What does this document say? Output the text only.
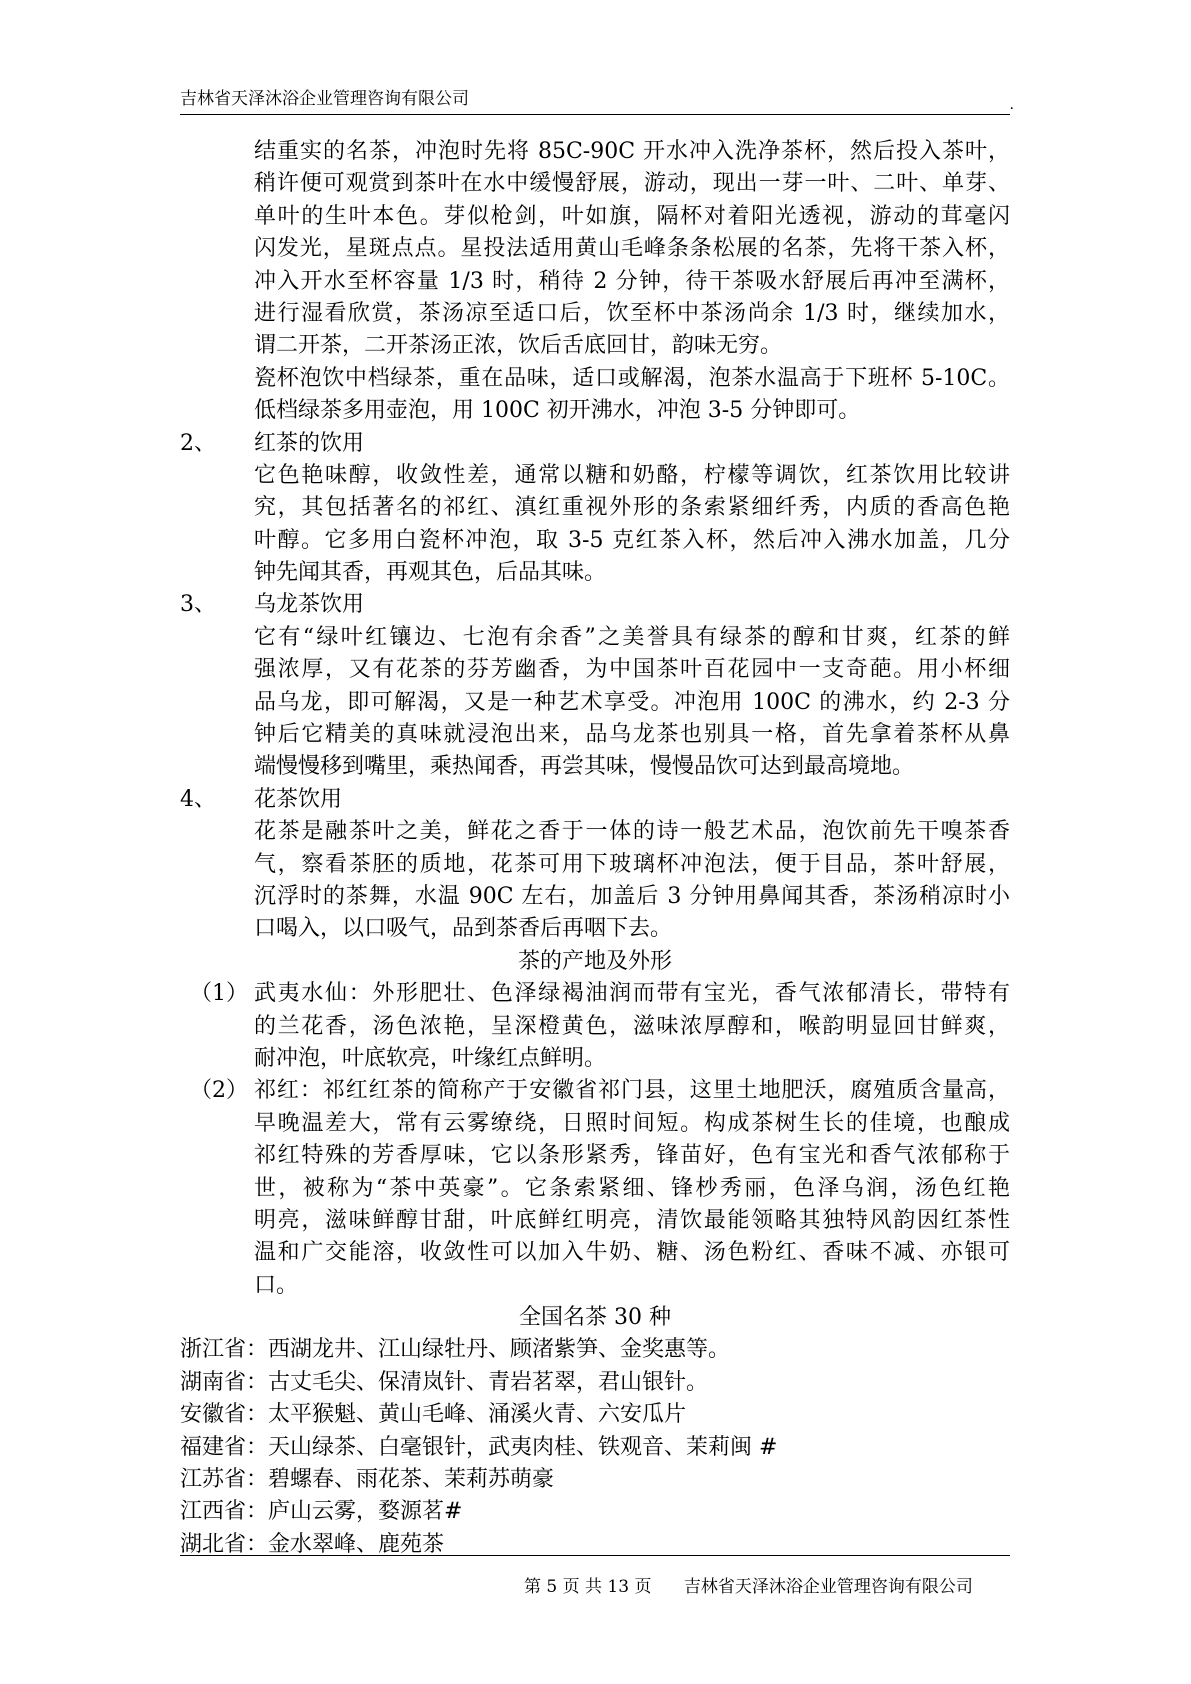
吉林省天泽沐浴企业管理咨询有限公司	.
结重实的名茶，冲泡时先将 85C-90C 开水冲入洗净茶杯，然后投入茶叶，
稍许便可观赏到茶叶在水中缓慢舒展，游动，现出一芽一叶、二叶、单芽、
单叶的生叶本色。芽似枪剑，叶如旗，隔杯对着阳光透视，游动的茸毫闪
闪发光，星斑点点。星投法适用黄山毛峰条条松展的名茶，先将干茶入杯，
冲入开水至杯容量 1/3 时，稍待 2 分钟，待干茶吸水舒展后再冲至满杯，
进行湿看欣赏，茶汤凉至适口后，饮至杯中茶汤尚余 1/3 时，继续加水，
谓二开茶，二开茶汤正浓，饮后舌底回甘，韵味无穷。
瓷杯泡饮中档绿茶，重在品味，适口或解渴，泡茶水温高于下班杯 5-10C。
低档绿茶多用壶泡，用 100C 初开沸水，冲泡 3-5 分钟即可。
2、 红茶的饮用
它色艳味醇，收敛性差，通常以糖和奶酪，柠檬等调饮，红茶饮用比较讲
究，其包括著名的祁红、滇红重视外形的条索紧细纤秀，内质的香高色艳
叶醇。它多用白瓷杯冲泡，取 3-5 克红茶入杯，然后冲入沸水加盖，几分
钟先闻其香，再观其色，后品其味。
3、 乌龙茶饮用
它有“绿叶红镶边、七泡有余香”之美誉具有绿茶的醇和甘爽，红茶的鲜
强浓厚，又有花茶的芬芳幽香，为中国茶叶百花园中一支奇葩。用小杯细
品乌龙，即可解渴，又是一种艺术享受。冲泡用 100C 的沸水，约 2-3 分
钟后它精美的真味就浸泡出来，品乌龙茶也别具一格，首先拿着茶杯从鼻
端慢慢移到嘴里，乘热闻香，再尝其味，慢慢品饮可达到最高境地。
4、 花茶饮用
花茶是融茶叶之美，鲜花之香于一体的诗一般艺术品，泡饮前先干嗅茶香
气，察看茶胚的质地，花茶可用下玻璃杯冲泡法，便于目品，茶叶舒展，
沉浮时的茶舞，水温 90C 左右，加盖后 3 分钟用鼻闻其香，茶汤稍凉时小
口喝入，以口吸气，品到茶香后再咽下去。
茶的产地及外形
（1） 武夷水仙：外形肥壮、色泽绿褐油润而带有宝光，香气浓郁清长，带特有
的兰花香，汤色浓艳，呈深橙黄色，滋味浓厚醇和，喉韵明显回甘鲜爽，
耐冲泡，叶底软亮，叶缘红点鲜明。
（2） 祁红：祁红红茶的简称产于安徽省祁门县，这里土地肥沃，腐殖质含量高，
早晚温差大，常有云雾缭绕，日照时间短。构成茶树生长的佳境，也酿成
祁红特殊的芳香厚味，它以条形紧秀，锋苗好，色有宝光和香气浓郁称于
世，被称为“茶中英豪”。它条索紧细、锋杪秀丽，色泽乌润，汤色红艳
明亮，滋味鲜醇甘甜，叶底鲜红明亮，清饮最能领略其独特风韵因红茶性
温和广交能溶，收敛性可以加入牛奶、糖、汤色粉红、香味不减、亦银可
口。
全国名茶 30 种
浙江省：西湖龙井、江山绿牡丹、顾渚紫笋、金奖惠等。
湖南省：古丈毛尖、保清岚针、青岩茗翠，君山银针。
安徽省：太平猴魁、黄山毛峰、涌溪火青、六安瓜片
福建省：天山绿茶、白毫银针，武夷肉桂、铁观音、茉莉闽 #
江苏省：碧螺春、雨花茶、茉莉苏萌豪
江西省：庐山云雾，婺源茗#
湖北省：金水翠峰、鹿苑茶
第 5 页 共 13 页 吉林省天泽沐浴企业管理咨询有限公司
